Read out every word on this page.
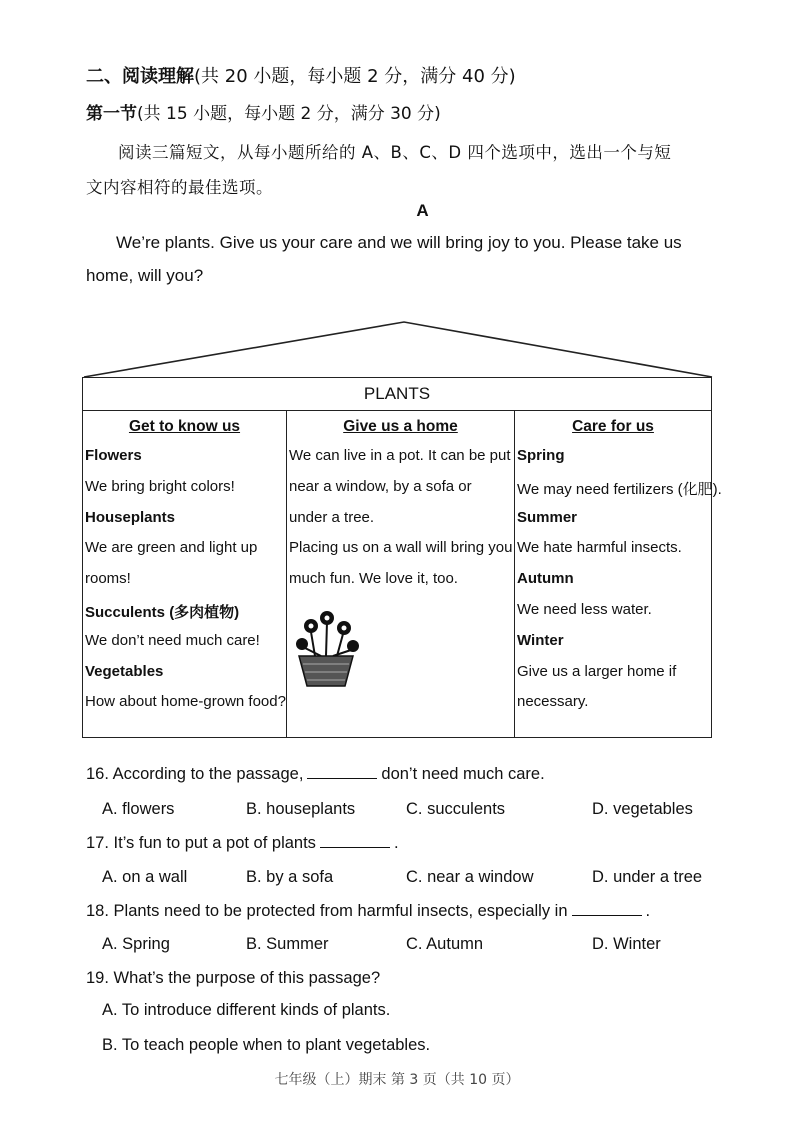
二、阅读理解(共 20 小题，每小题 2 分，满分 40 分)
第一节(共 15 小题，每小题 2 分，满分 30 分)
阅读三篇短文，从每小题所给的 A、B、C、D 四个选项中，选出一个与短
文内容相符的最佳选项。
A
We’re plants. Give us your care and we will bring joy to you. Please take us
home, will you?
PLANTS
Get to know us
Flowers
We bring bright colors!
Houseplants
We are green and light up
rooms!
Succulents (多肉植物)
We don’t need much care!
Vegetables
How about home-grown food?
Give us a home
We can live in a pot. It can be put
near a window, by a sofa or
under a tree.
Placing us on a wall will bring you
much fun. We love it, too.
Care for us
Spring
We may need fertilizers (化肥).
Summer
We hate harmful insects.
Autumn
We need less water.
Winter
Give us a larger home if
necessary.
16. According to the passage,	don’t need much care.
A. flowers	B. houseplants	C. succulents	D. vegetables
17. It’s fun to put a pot of plants	.
A. on a wall	B. by a sofa	C. near a window	D. under a tree
18. Plants need to be protected from harmful insects, especially in	.
A. Spring	B. Summer	C. Autumn	D. Winter
19. What’s the purpose of this passage?
A. To introduce different kinds of plants.
B. To teach people when to plant vegetables.
七年级（上）期末 第 3 页（共 10 页）
